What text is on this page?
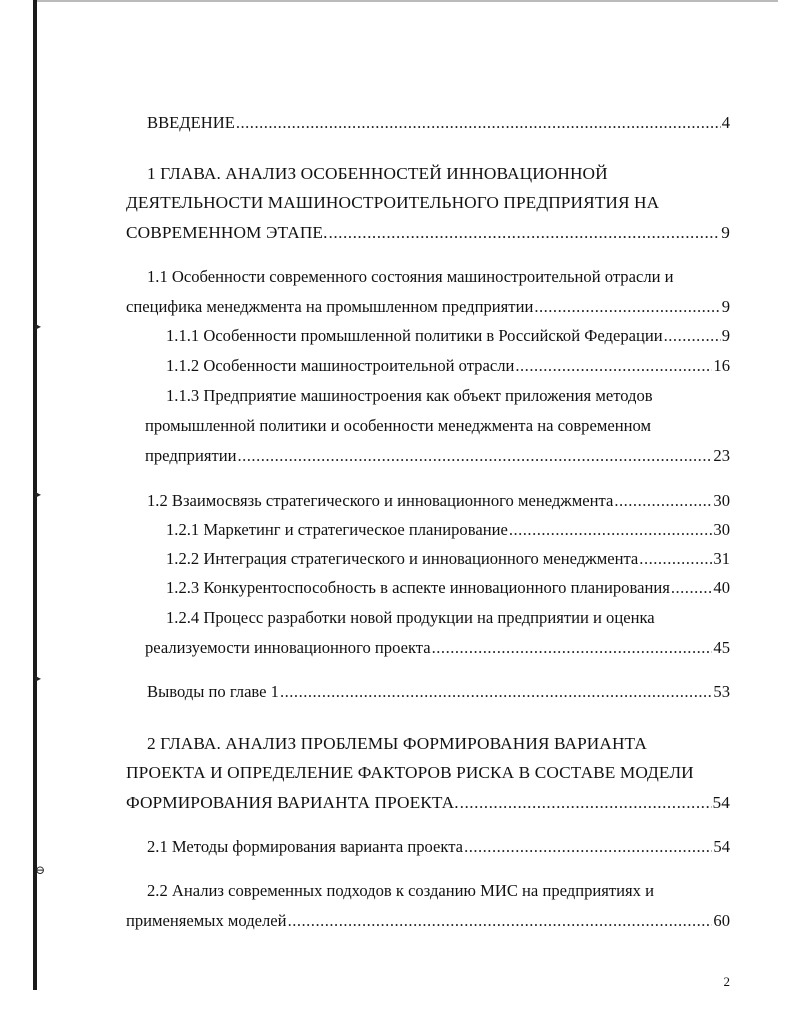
▸
▸
▸
⊖
ВВЕДЕНИЕ .....	4
1 ГЛАВА. АНАЛИЗ ОСОБЕННОСТЕЙ ИННОВАЦИОННОЙ
ДЕЯТЕЛЬНОСТИ МАШИНОСТРОИТЕЛЬНОГО ПРЕДПРИЯТИЯ НА
СОВРЕМЕННОМ ЭТАПЕ. .....	9
1.1 Особенности современного состояния машиностроительной отрасли и
специфика менеджмента на промышленном предприятии .....	9
1.1.1 Особенности промышленной политики в Российской Федерации .....	9
1.1.2 Особенности машиностроительной отрасли .....	16
1.1.3 Предприятие машиностроения как объект приложения методов
промышленной политики и особенности менеджмента на современном
предприятии .....	23
1.2 Взаимосвязь стратегического и инновационного менеджмента .....	30
1.2.1 Маркетинг и стратегическое планирование .....	30
1.2.2 Интеграция стратегического и инновационного менеджмента .....	31
1.2.3 Конкурентоспособность в аспекте инновационного планирования .....	40
1.2.4 Процесс разработки новой продукции на предприятии и оценка
реализуемости инновационного проекта .....	45
Выводы по главе 1 .....	53
2 ГЛАВА. АНАЛИЗ ПРОБЛЕМЫ ФОРМИРОВАНИЯ ВАРИАНТА
ПРОЕКТА И ОПРЕДЕЛЕНИЕ ФАКТОРОВ РИСКА В СОСТАВЕ МОДЕЛИ
ФОРМИРОВАНИЯ ВАРИАНТА ПРОЕКТА. .....	54
2.1 Методы формирования варианта проекта .....	54
2.2 Анализ современных подходов к созданию МИС на предприятиях и
применяемых моделей .....	60
2
